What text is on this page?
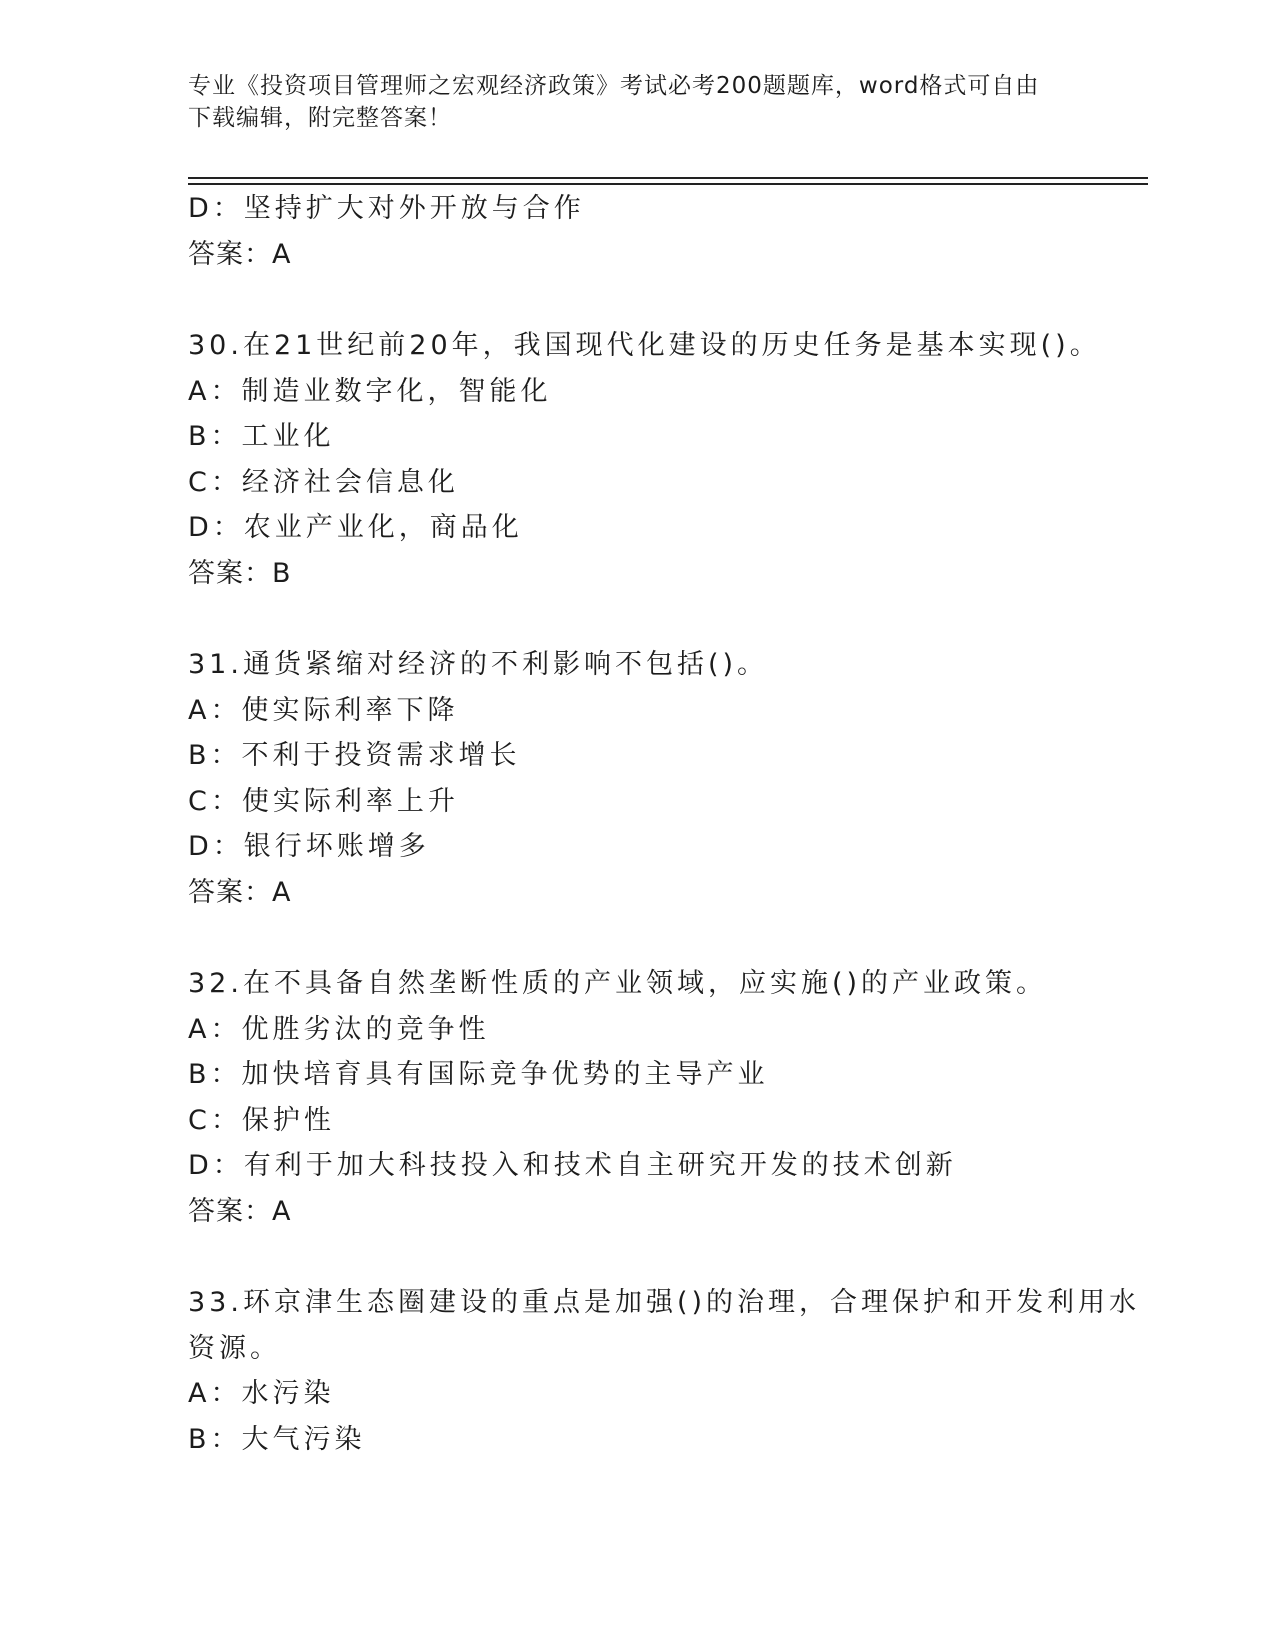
专业《投资项目管理师之宏观经济政策》考试必考200题题库，word格式可自由

下载编辑，附完整答案！

D：坚持扩大对外开放与合作

答案：A

30.在21世纪前20年，我国现代化建设的历史任务是基本实现()。

A：制造业数字化，智能化

B：工业化

C：经济社会信息化

D：农业产业化，商品化

答案：B

31.通货紧缩对经济的不利影响不包括()。

A：使实际利率下降

B：不利于投资需求增长

C：使实际利率上升

D：银行坏账增多

答案：A

32.在不具备自然垄断性质的产业领域，应实施()的产业政策。

A：优胜劣汰的竞争性

B：加快培育具有国际竞争优势的主导产业

C：保护性

D：有利于加大科技投入和技术自主研究开发的技术创新

答案：A

33.环京津生态圈建设的重点是加强()的治理，合理保护和开发利用水

资源。

A：水污染

B：大气污染
